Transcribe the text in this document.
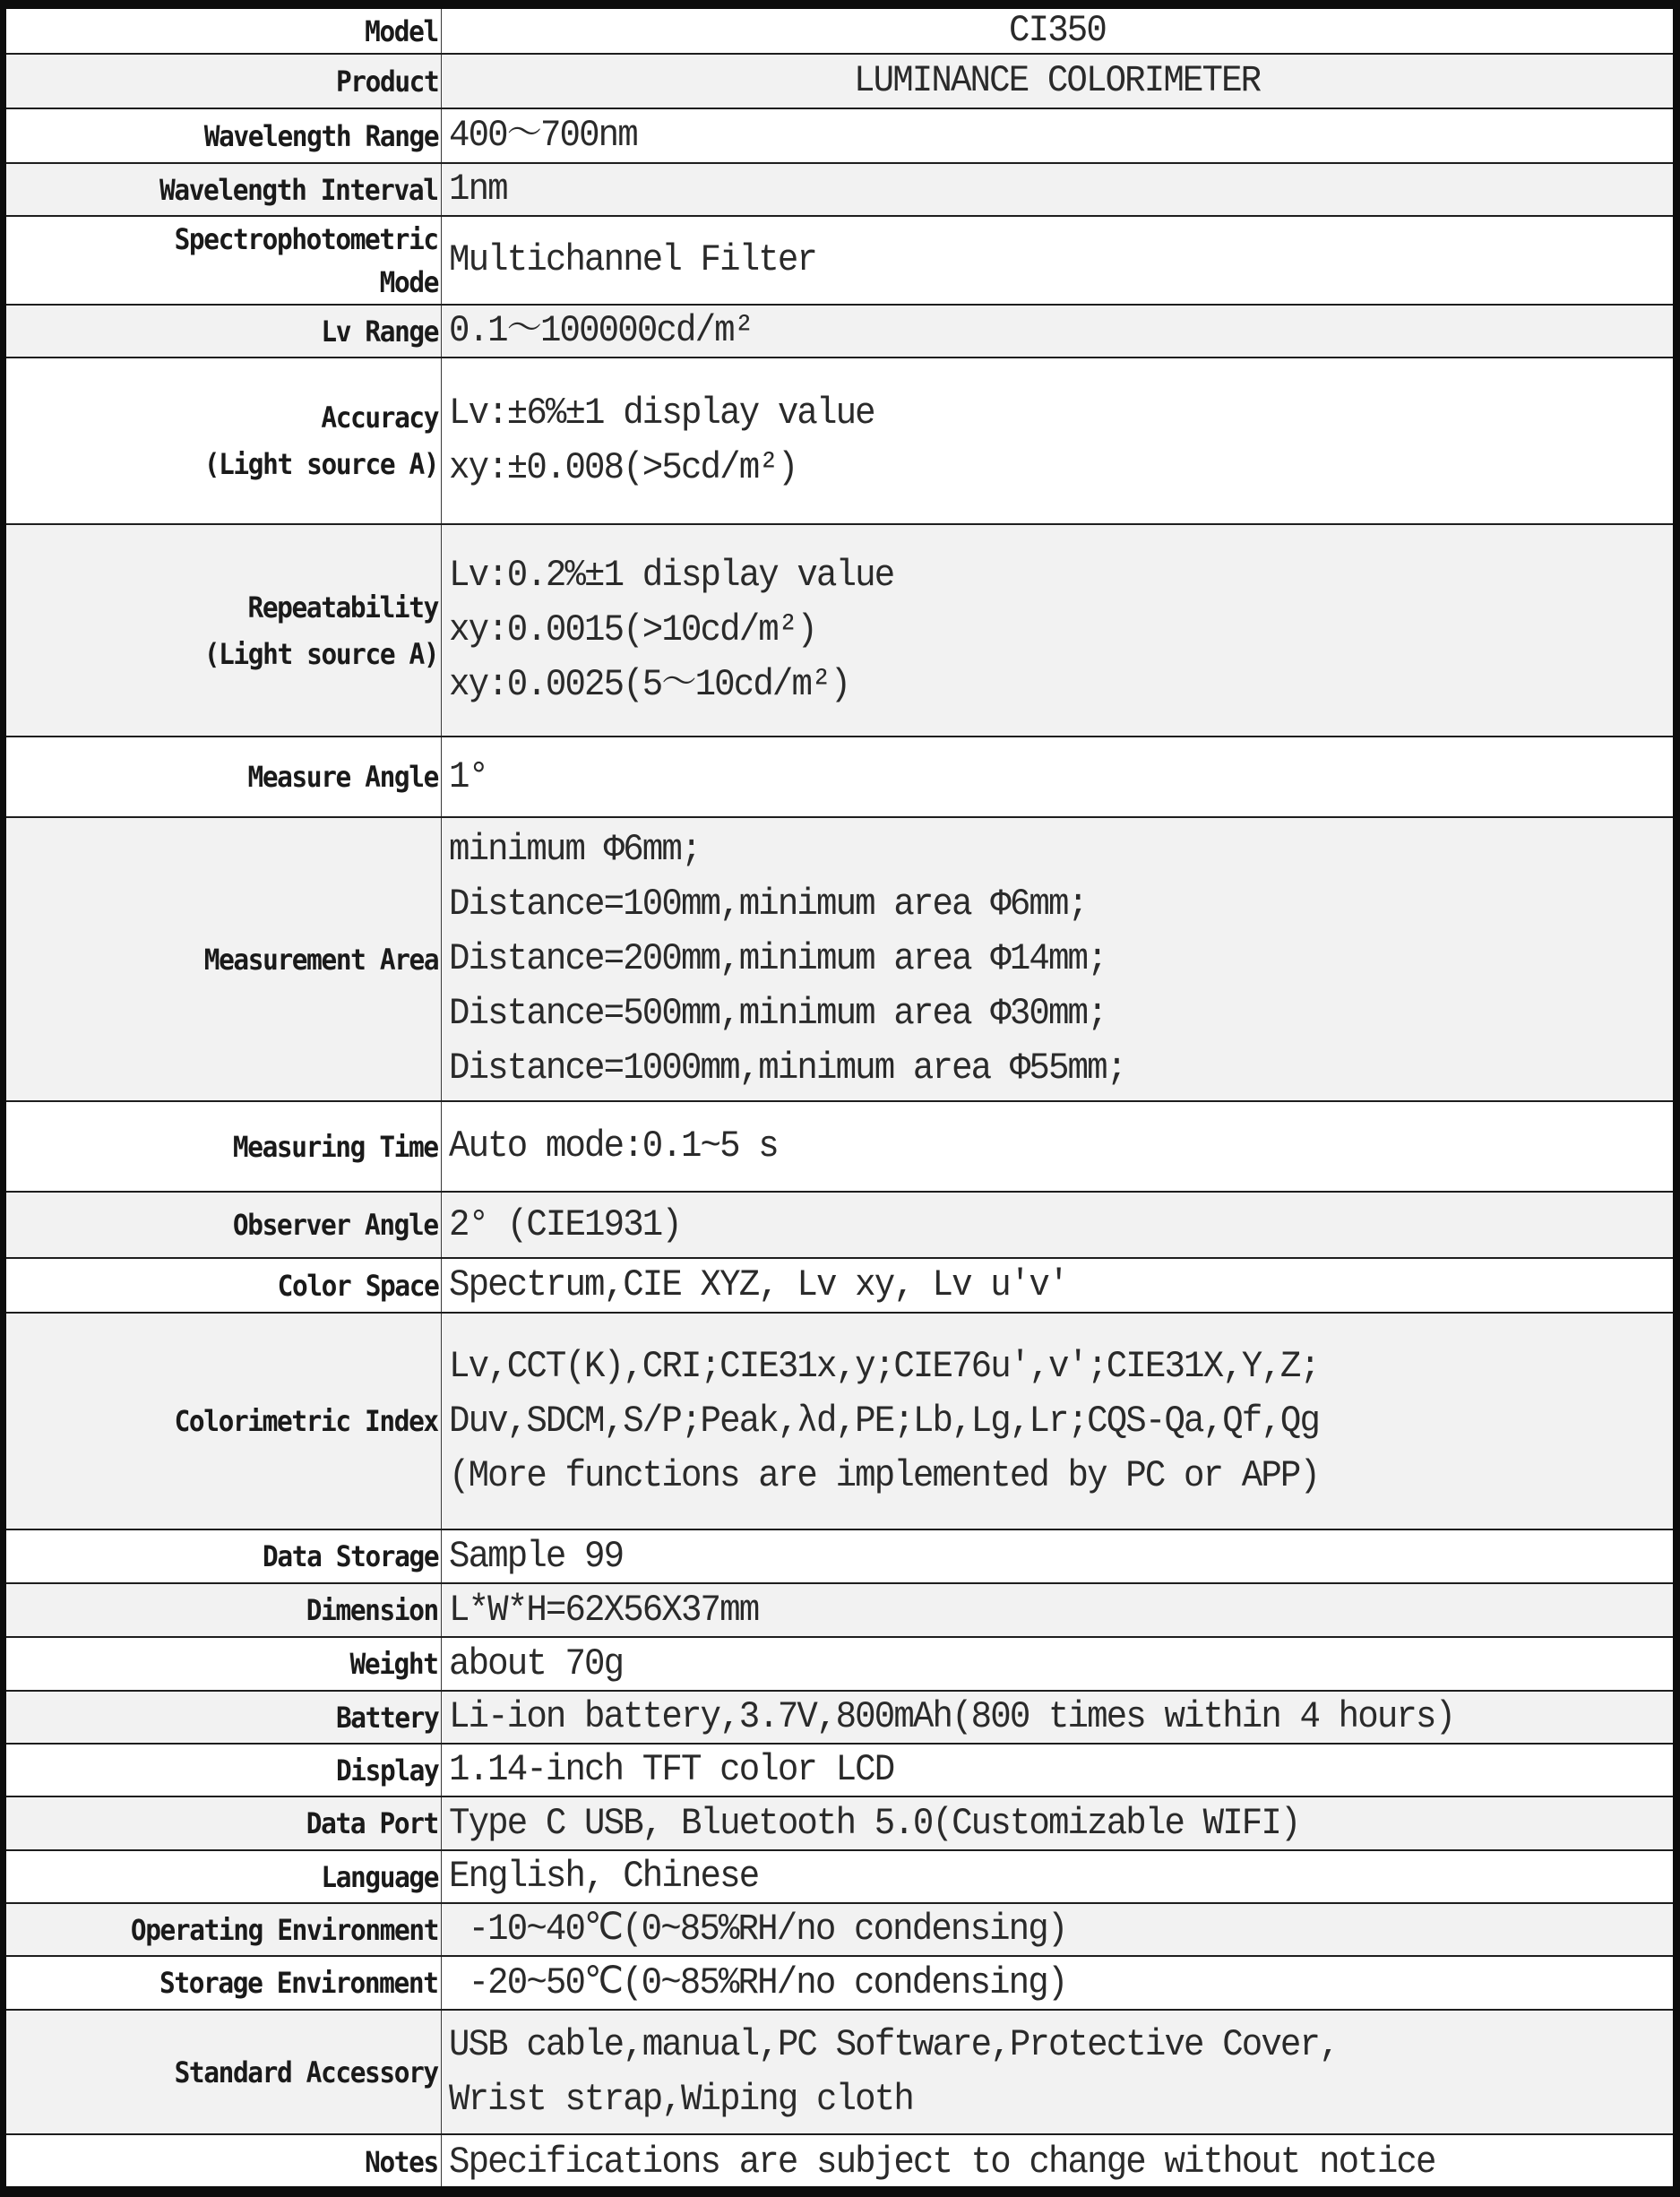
Model	CI350
Product	LUMINANCE COLORIMETER
Wavelength Range 400～700nm
Wavelength Interval 1nm
Spectrophotometric
Mode
Multichannel Filter
Lv Range 0.1～100000cd/m²
Accuracy
(Light source A)
Lv:±6%±1 display value
xy:±0.008(>5cd/m²)
Repeatability
(Light source A)
Lv:0.2%±1 display value
xy:0.0015(>10cd/m²)
xy:0.0025(5～10cd/m²)
Measure Angle 1°
Measurement Area
minimum Φ6mm;
Distance=100mm,minimum area Φ6mm;
Distance=200mm,minimum area Φ14mm;
Distance=500mm,minimum area Φ30mm;
Distance=1000mm,minimum area Φ55mm;
Measuring Time Auto mode:0.1~5 s
Observer Angle 2° (CIE1931)
Color Space Spectrum,CIE XYZ, Lv xy, Lv u'v'
Colorimetric Index
Lv,CCT(K),CRI;CIE31x,y;CIE76u',v';CIE31X,Y,Z;
Duv,SDCM,S/P;Peak,λd,PE;Lb,Lg,Lr;CQS-Qa,Qf,Qg
(More functions are implemented by PC or APP)
Data Storage Sample 99
Dimension L*W*H=62X56X37mm
Weight about 70g
Battery Li-ion battery,3.7V,800mAh(800 times within 4 hours)
Display 1.14-inch TFT color LCD
Data Port Type C USB, Bluetooth 5.0(Customizable WIFI)
Language English, Chinese
Operating Environment -10~40℃(0~85%RH/no condensing)
Storage Environment -20~50℃(0~85%RH/no condensing)
Standard Accessory
USB cable,manual,PC Software,Protective Cover,
Wrist strap,Wiping cloth
Notes Specifications are subject to change without notice
